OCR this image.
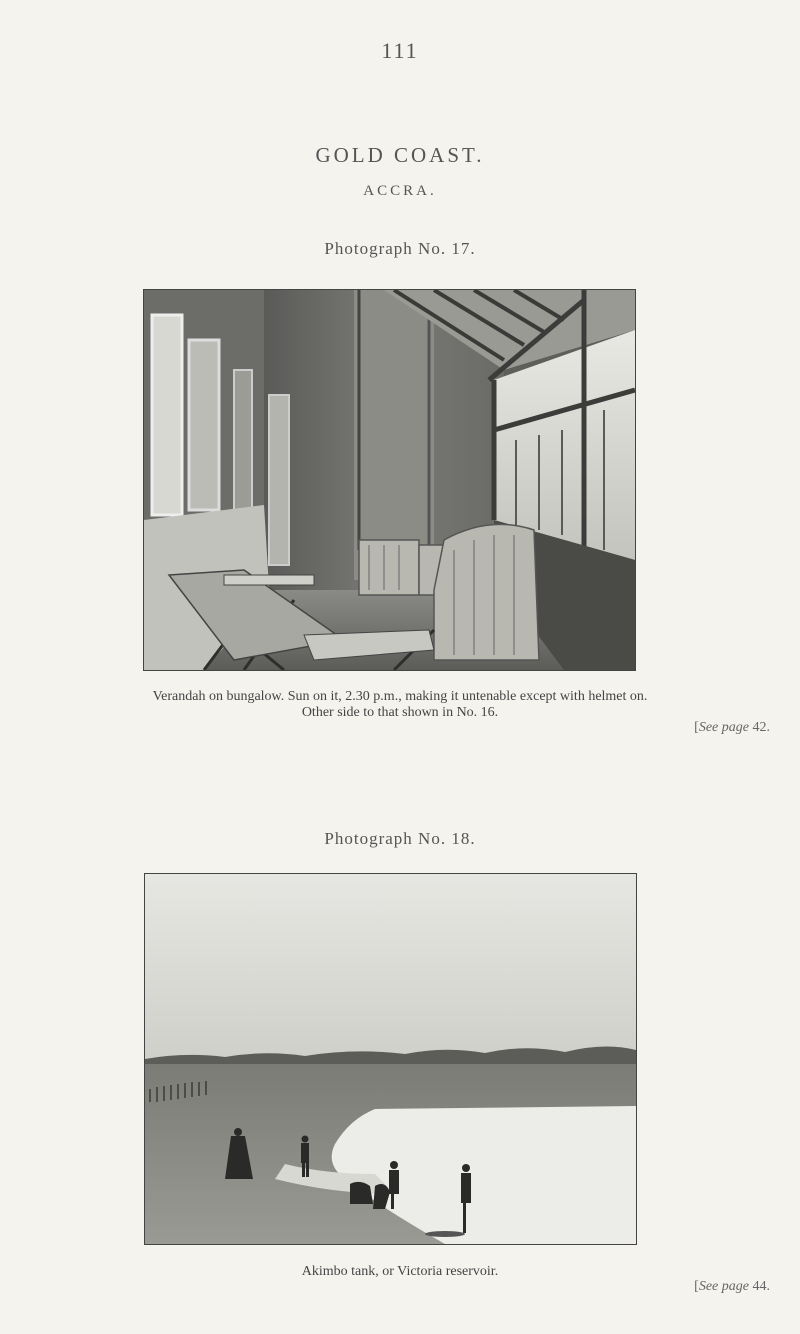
111
GOLD COAST.
ACCRA.
Photograph No. 17.
Verandah on bungalow. Sun on it, 2.30 p.m., making it untenable except with helmet on.
Other side to that shown in No. 16.
[See page 42.
Photograph No. 18.
Akimbo tank, or Victoria reservoir.
[See page 44.
